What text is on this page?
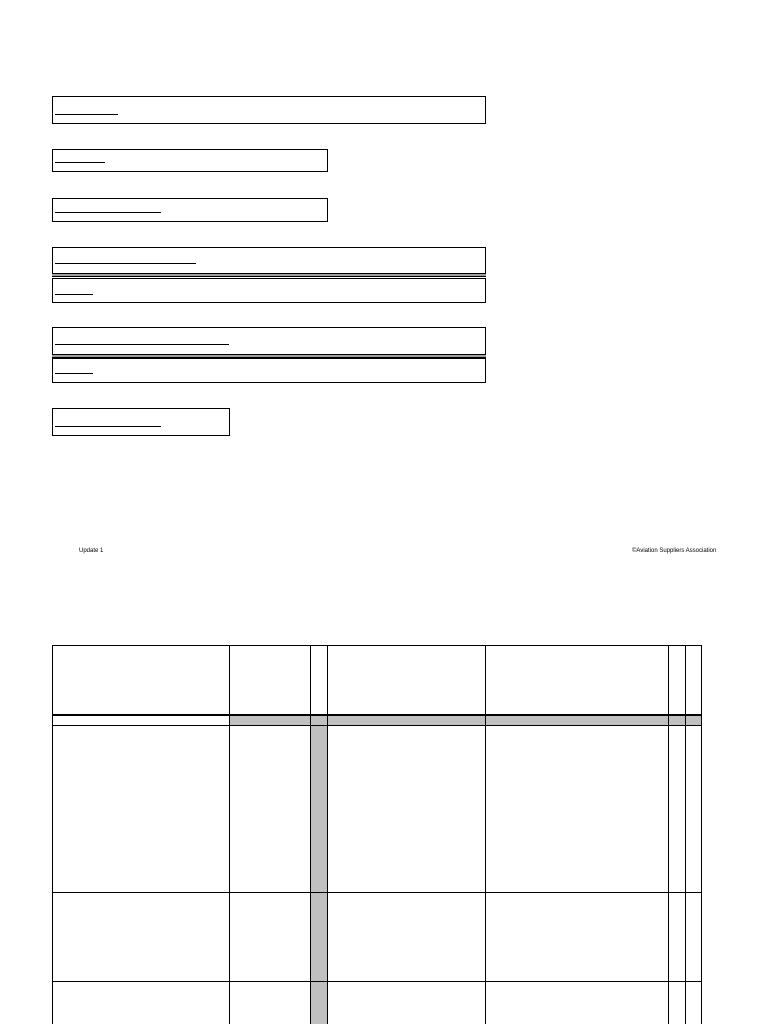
Update 1	©Aviation Suppliers Association
